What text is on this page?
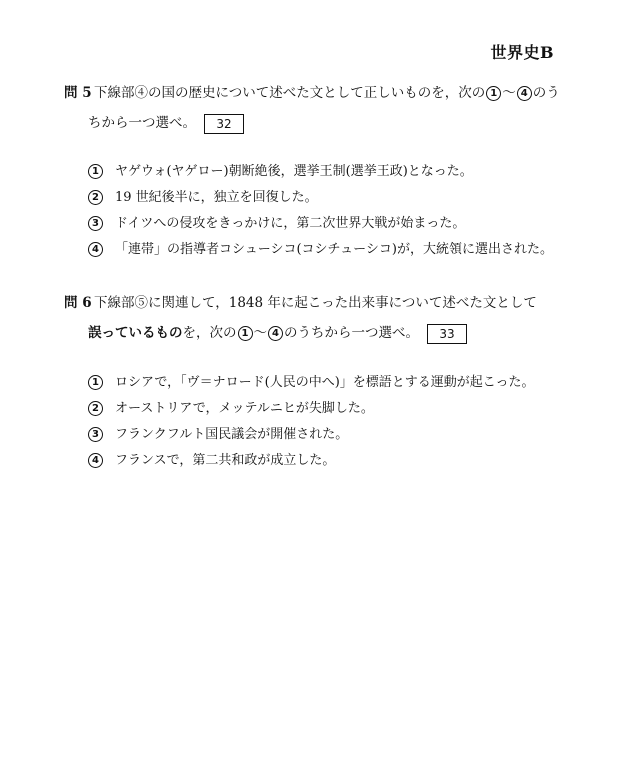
世界史B
問 5 下線部④の国の歴史について述べた文として正しいものを，次の 1 〜 4 のう
ちから一つ選べ。 32
1 ヤゲウォ(ヤゲロー)朝断絶後，選挙王制(選挙王政)となった。
2 19 世紀後半に，独立を回復した。
3 ドイツへの侵攻をきっかけに，第二次世界大戦が始まった。
4 「連帯」の指導者コシューシコ(コシチューシコ)が，大統領に選出された。
問 6 下線部⑤に関連して，1848 年に起こった出来事について述べた文として
誤っているものを，次の 1 〜 4 のうちから一つ選べ。 33
1 ロシアで，「ヴ＝ナロード(人民の中へ)」を標語とする運動が起こった。
2 オーストリアで，メッテルニヒが失脚した。
3 フランクフルト国民議会が開催された。
4 フランスで，第二共和政が成立した。
